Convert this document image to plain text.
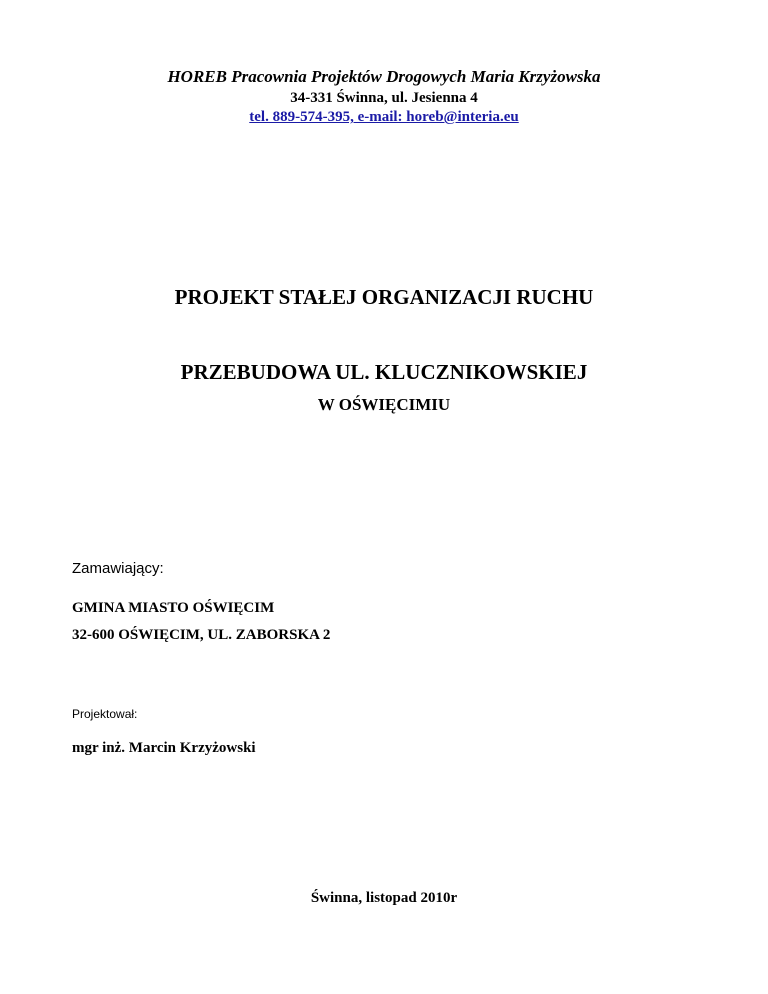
HOREB Pracownia Projektów Drogowych Maria Krzyżowska
34-331 Świnna, ul. Jesienna 4
tel. 889-574-395, e-mail: horeb@interia.eu
PROJEKT STAŁEJ ORGANIZACJI RUCHU
PRZEBUDOWA UL. KLUCZNIKOWSKIEJ
W OŚWIĘCIMIU
Zamawiający:
GMINA MIASTO OŚWIĘCIM
32-600 OŚWIĘCIM, UL. ZABORSKA 2
Projektował:
mgr inż. Marcin Krzyżowski
Świnna, listopad 2010r
